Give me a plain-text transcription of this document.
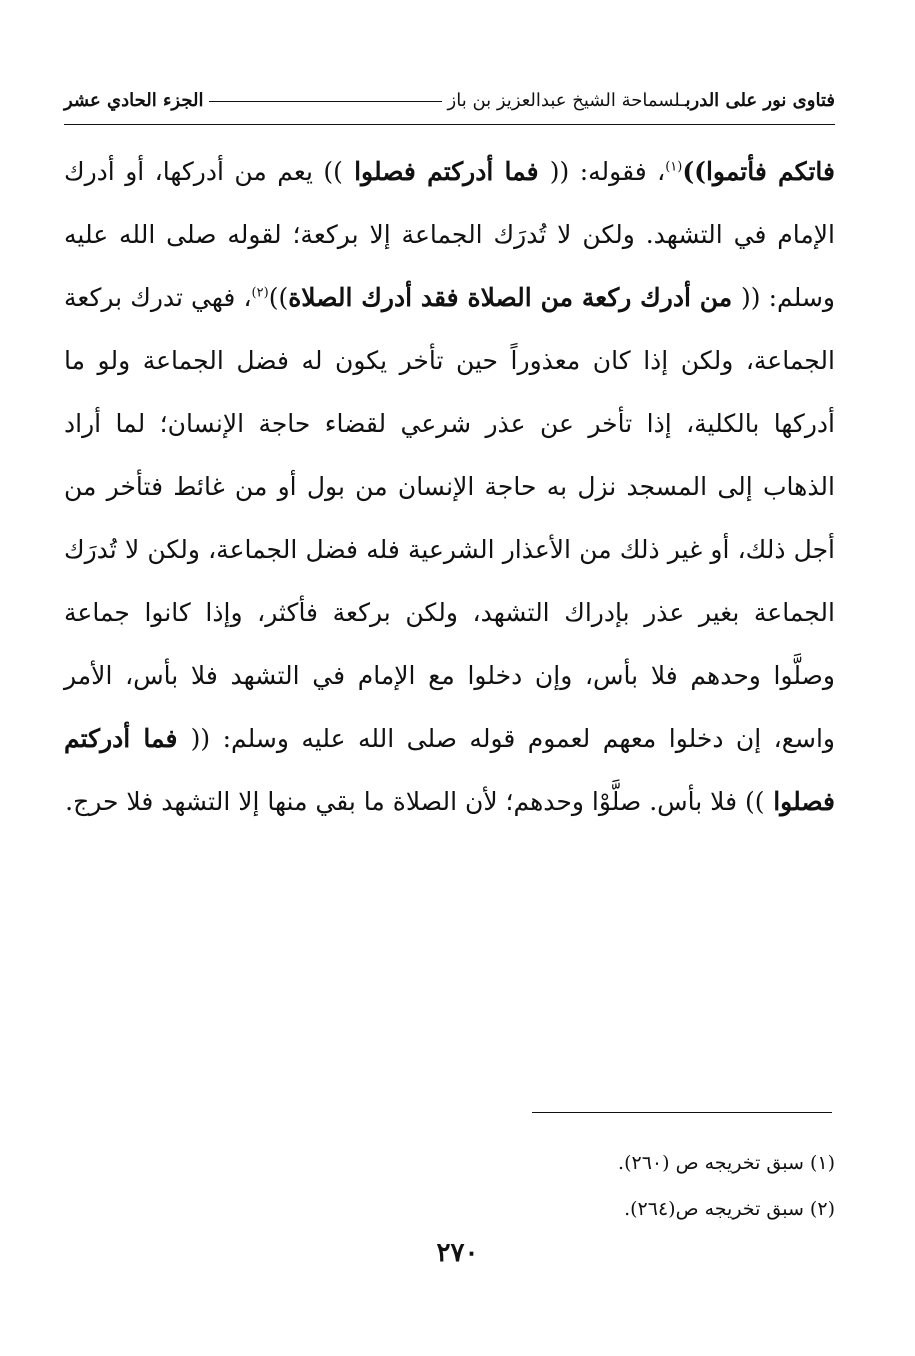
فتاوى نور على الدربـلسماحة الشيخ عبدالعزيز بن باز
الجزء الحادي عشر

فاتكم فأتموا))$^{(١)}$، فقوله: (( فما أدركتم فصلوا )) يعم من أدركها، أو أدرك الإمام في التشهد. ولكن لا تُدرَك الجماعة إلا بركعة؛ لقوله صلى الله عليه وسلم: (( من أدرك ركعة من الصلاة فقد أدرك الصلاة))$^{(٢)}$، فهي تدرك بركعة الجماعة، ولكن إذا كان معذوراً حين تأخر يكون له فضل الجماعة ولو ما أدركها بالكلية، إذا تأخر عن عذر شرعي لقضاء حاجة الإنسان؛ لما أراد الذهاب إلى المسجد نزل به حاجة الإنسان من بول أو من غائط فتأخر من أجل ذلك، أو غير ذلك من الأعذار الشرعية فله فضل الجماعة، ولكن لا تُدرَك الجماعة بغير عذر بإدراك التشهد، ولكن بركعة فأكثر، وإذا كانوا جماعة وصلَّوا وحدهم فلا بأس، وإن دخلوا مع الإمام في التشهد فلا بأس، الأمر واسع، إن دخلوا معهم لعموم قوله صلى الله عليه وسلم: (( فما أدركتم فصلوا )) فلا بأس. صلَّوْا وحدهم؛ لأن الصلاة ما بقي منها إلا التشهد فلا حرج.

(١) سبق تخريجه ص (٢٦٠).
(٢) سبق تخريجه ص(٢٦٤).
٢٧٠
